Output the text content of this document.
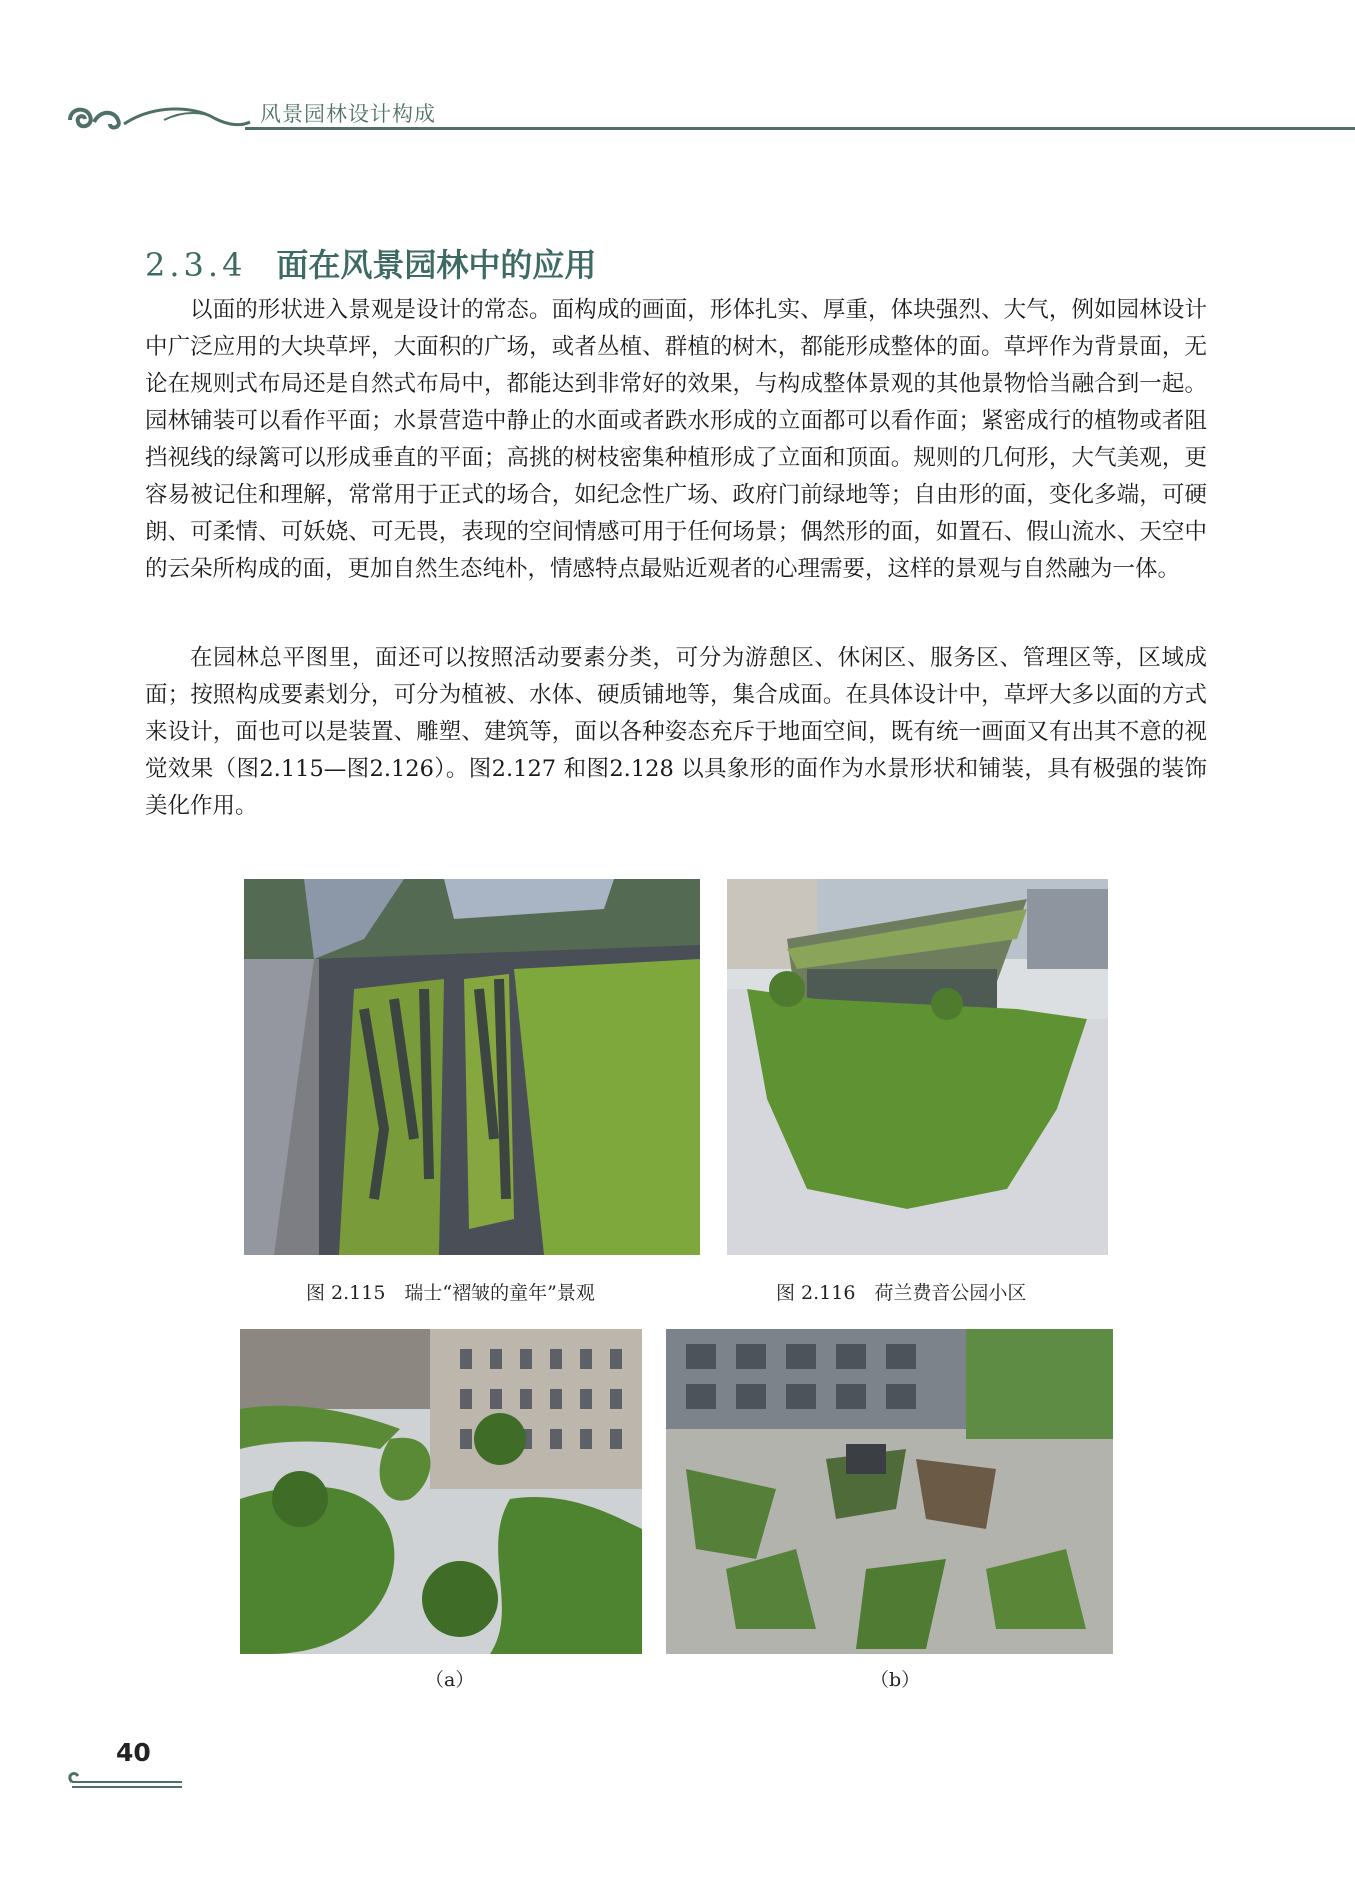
风景园林设计构成
2.3.4 面在风景园林中的应用

以面的形状进入景观是设计的常态。面构成的画面，形体扎实、厚重，体块强烈、大气，例如园林设计中广泛应用的大块草坪，大面积的广场，或者丛植、群植的树木，都能形成整体的面。草坪作为背景面，无论在规则式布局还是自然式布局中，都能达到非常好的效果，与构成整体景观的其他景物恰当融合到一起。园林铺装可以看作平面；水景营造中静止的水面或者跌水形成的立面都可以看作面；紧密成行的植物或者阻挡视线的绿篱可以形成垂直的平面；高挑的树枝密集种植形成了立面和顶面。规则的几何形，大气美观，更容易被记住和理解，常常用于正式的场合，如纪念性广场、政府门前绿地等；自由形的面，变化多端，可硬朗、可柔情、可妖娆、可无畏，表现的空间情感可用于任何场景；偶然形的面，如置石、假山流水、天空中的云朵所构成的面，更加自然生态纯朴，情感特点最贴近观者的心理需要，这样的景观与自然融为一体。

在园林总平图里，面还可以按照活动要素分类，可分为游憩区、休闲区、服务区、管理区等，区域成面；按照构成要素划分，可分为植被、水体、硬质铺地等，集合成面。在具体设计中，草坪大多以面的方式来设计，面也可以是装置、雕塑、建筑等，面以各种姿态充斥于地面空间，既有统一画面又有出其不意的视觉效果（图2.115—图2.126）。图2.127 和图2.128 以具象形的面作为水景形状和铺装，具有极强的装饰美化作用。

图 2.115　瑞士“褶皱的童年”景观	图 2.116　荷兰费音公园小区
（a）	（b）
40
